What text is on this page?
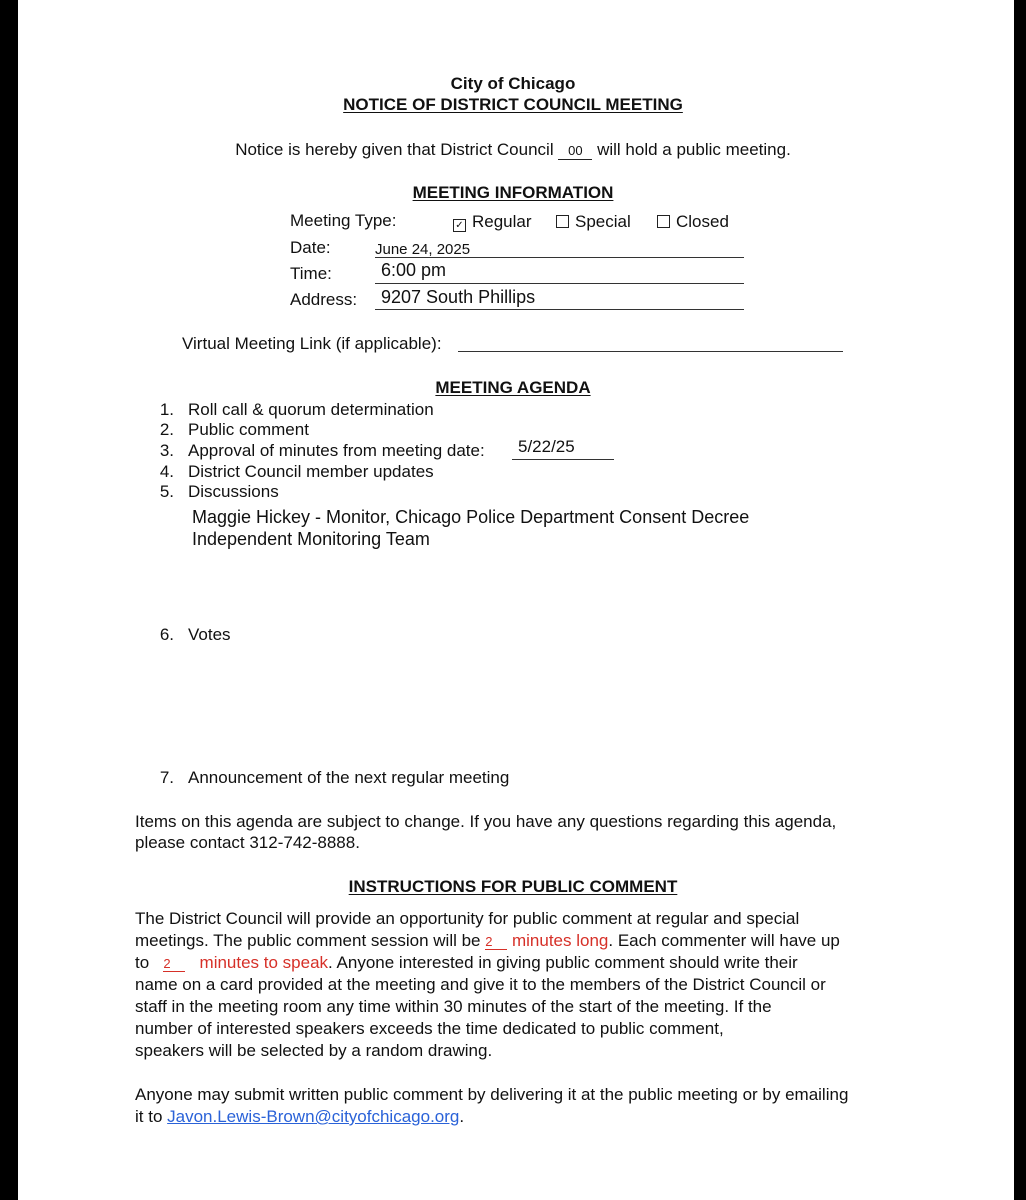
City of Chicago
NOTICE OF DISTRICT COUNCIL MEETING
Notice is hereby given that District Council 00 will hold a public meeting.
MEETING INFORMATION
Meeting Type:	✓ Regular	Special	Closed
Date:	June 24, 2025
Time:	6:00 pm
Address: 9207 South Phillips
Virtual Meeting Link (if applicable):
MEETING AGENDA
1. Roll call & quorum determination
2. Public comment
3. Approval of minutes from meeting date: 5/22/25
4. District Council member updates
5. Discussions
Maggie Hickey - Monitor, Chicago Police Department Consent Decree
Independent Monitoring Team
6. Votes
7. Announcement of the next regular meeting
Items on this agenda are subject to change. If you have any questions regarding this agenda,
please contact 312-742-8888.
INSTRUCTIONS FOR PUBLIC COMMENT
The District Council will provide an opportunity for public comment at regular and special
meetings. The public comment session will be 2 minutes long. Each commenter will have up
to 2 minutes to speak. Anyone interested in giving public comment should write their
name on a card provided at the meeting and give it to the members of the District Council or
staff in the meeting room any time within 30 minutes of the start of the meeting. If the
number of interested speakers exceeds the time dedicated to public comment,
speakers will be selected by a random drawing.
Anyone may submit written public comment by delivering it at the public meeting or by emailing
it to Javon.Lewis-Brown@cityofchicago.org.
